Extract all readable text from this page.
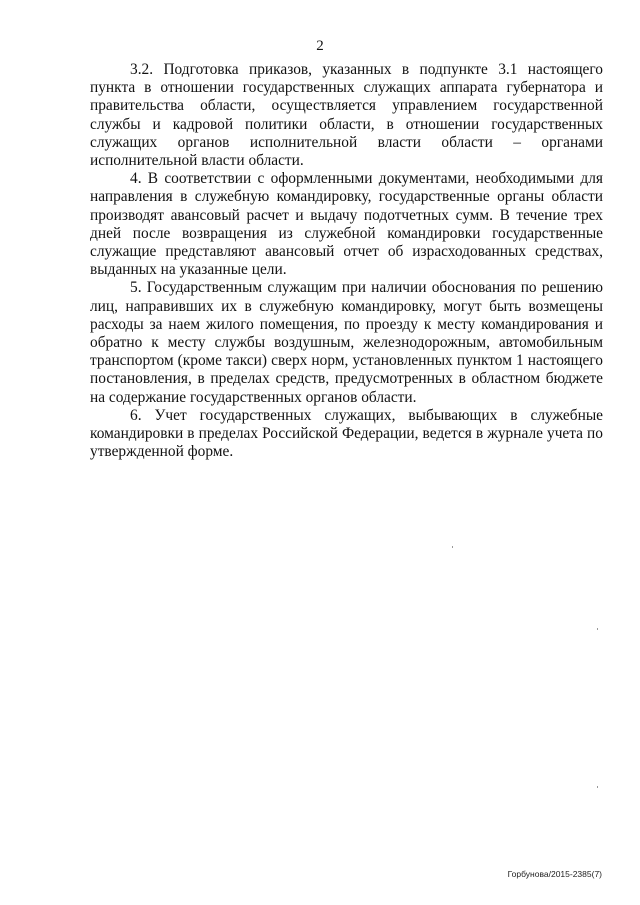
2

3.2. Подготовка приказов, указанных в подпункте 3.1 настоящего пункта в отношении государственных служащих аппарата губернатора и правительства области, осуществляется управлением государственной службы и кадровой политики области, в отношении государственных служащих органов исполнительной власти области – органами исполнительной власти области.

4. В соответствии с оформленными документами, необходимыми для направления в служебную командировку, государственные органы области производят авансовый расчет и выдачу подотчетных сумм. В течение трех дней после возвращения из служебной командировки государственные служащие представляют авансовый отчет об израсходованных средствах, выданных на указанные цели.

5. Государственным служащим при наличии обоснования по решению лиц, направивших их в служебную командировку, могут быть возмещены расходы за наем жилого помещения, по проезду к месту командирования и обратно к месту службы воздушным, железнодорожным, автомобильным транспортом (кроме такси) сверх норм, установленных пунктом 1 настоящего постановления, в пределах средств, предусмотренных в областном бюджете на содержание государственных органов области.

6. Учет государственных служащих, выбывающих в служебные командировки в пределах Российской Федерации, ведется в журнале учета по утвержденной форме.

Горбунова/2015-2385(7)
